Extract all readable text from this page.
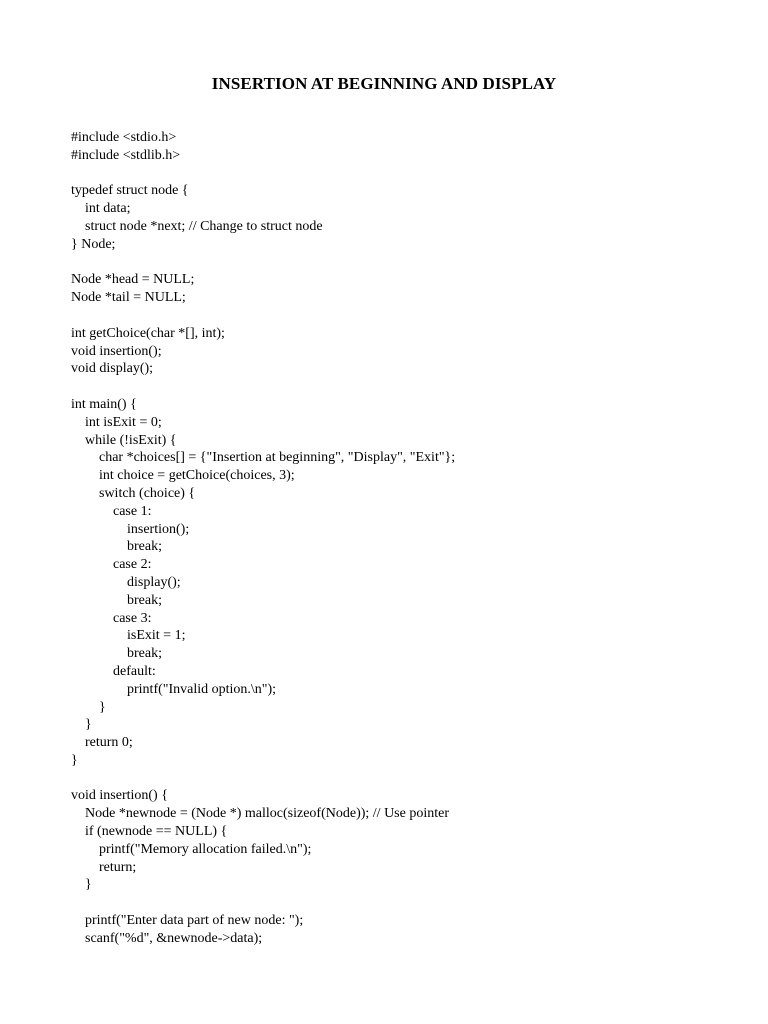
INSERTION AT BEGINNING AND DISPLAY
#include <stdio.h>
#include <stdlib.h>
typedef struct node {
int data;
struct node *next; // Change to struct node
} Node;
Node *head = NULL;
Node *tail = NULL;
int getChoice(char *[], int);
void insertion();
void display();
int main() {
int isExit = 0;
while (!isExit) {
char *choices[] = {"Insertion at beginning", "Display", "Exit"};
int choice = getChoice(choices, 3);
switch (choice) {
case 1:
insertion();
break;
case 2:
display();
break;
case 3:
isExit = 1;
break;
default:
printf("Invalid option.\n");
}
}
return 0;
}
void insertion() {
Node *newnode = (Node *) malloc(sizeof(Node)); // Use pointer
if (newnode == NULL) {
printf("Memory allocation failed.\n");
return;
}
printf("Enter data part of new node: ");
scanf("%d", &newnode->data);
